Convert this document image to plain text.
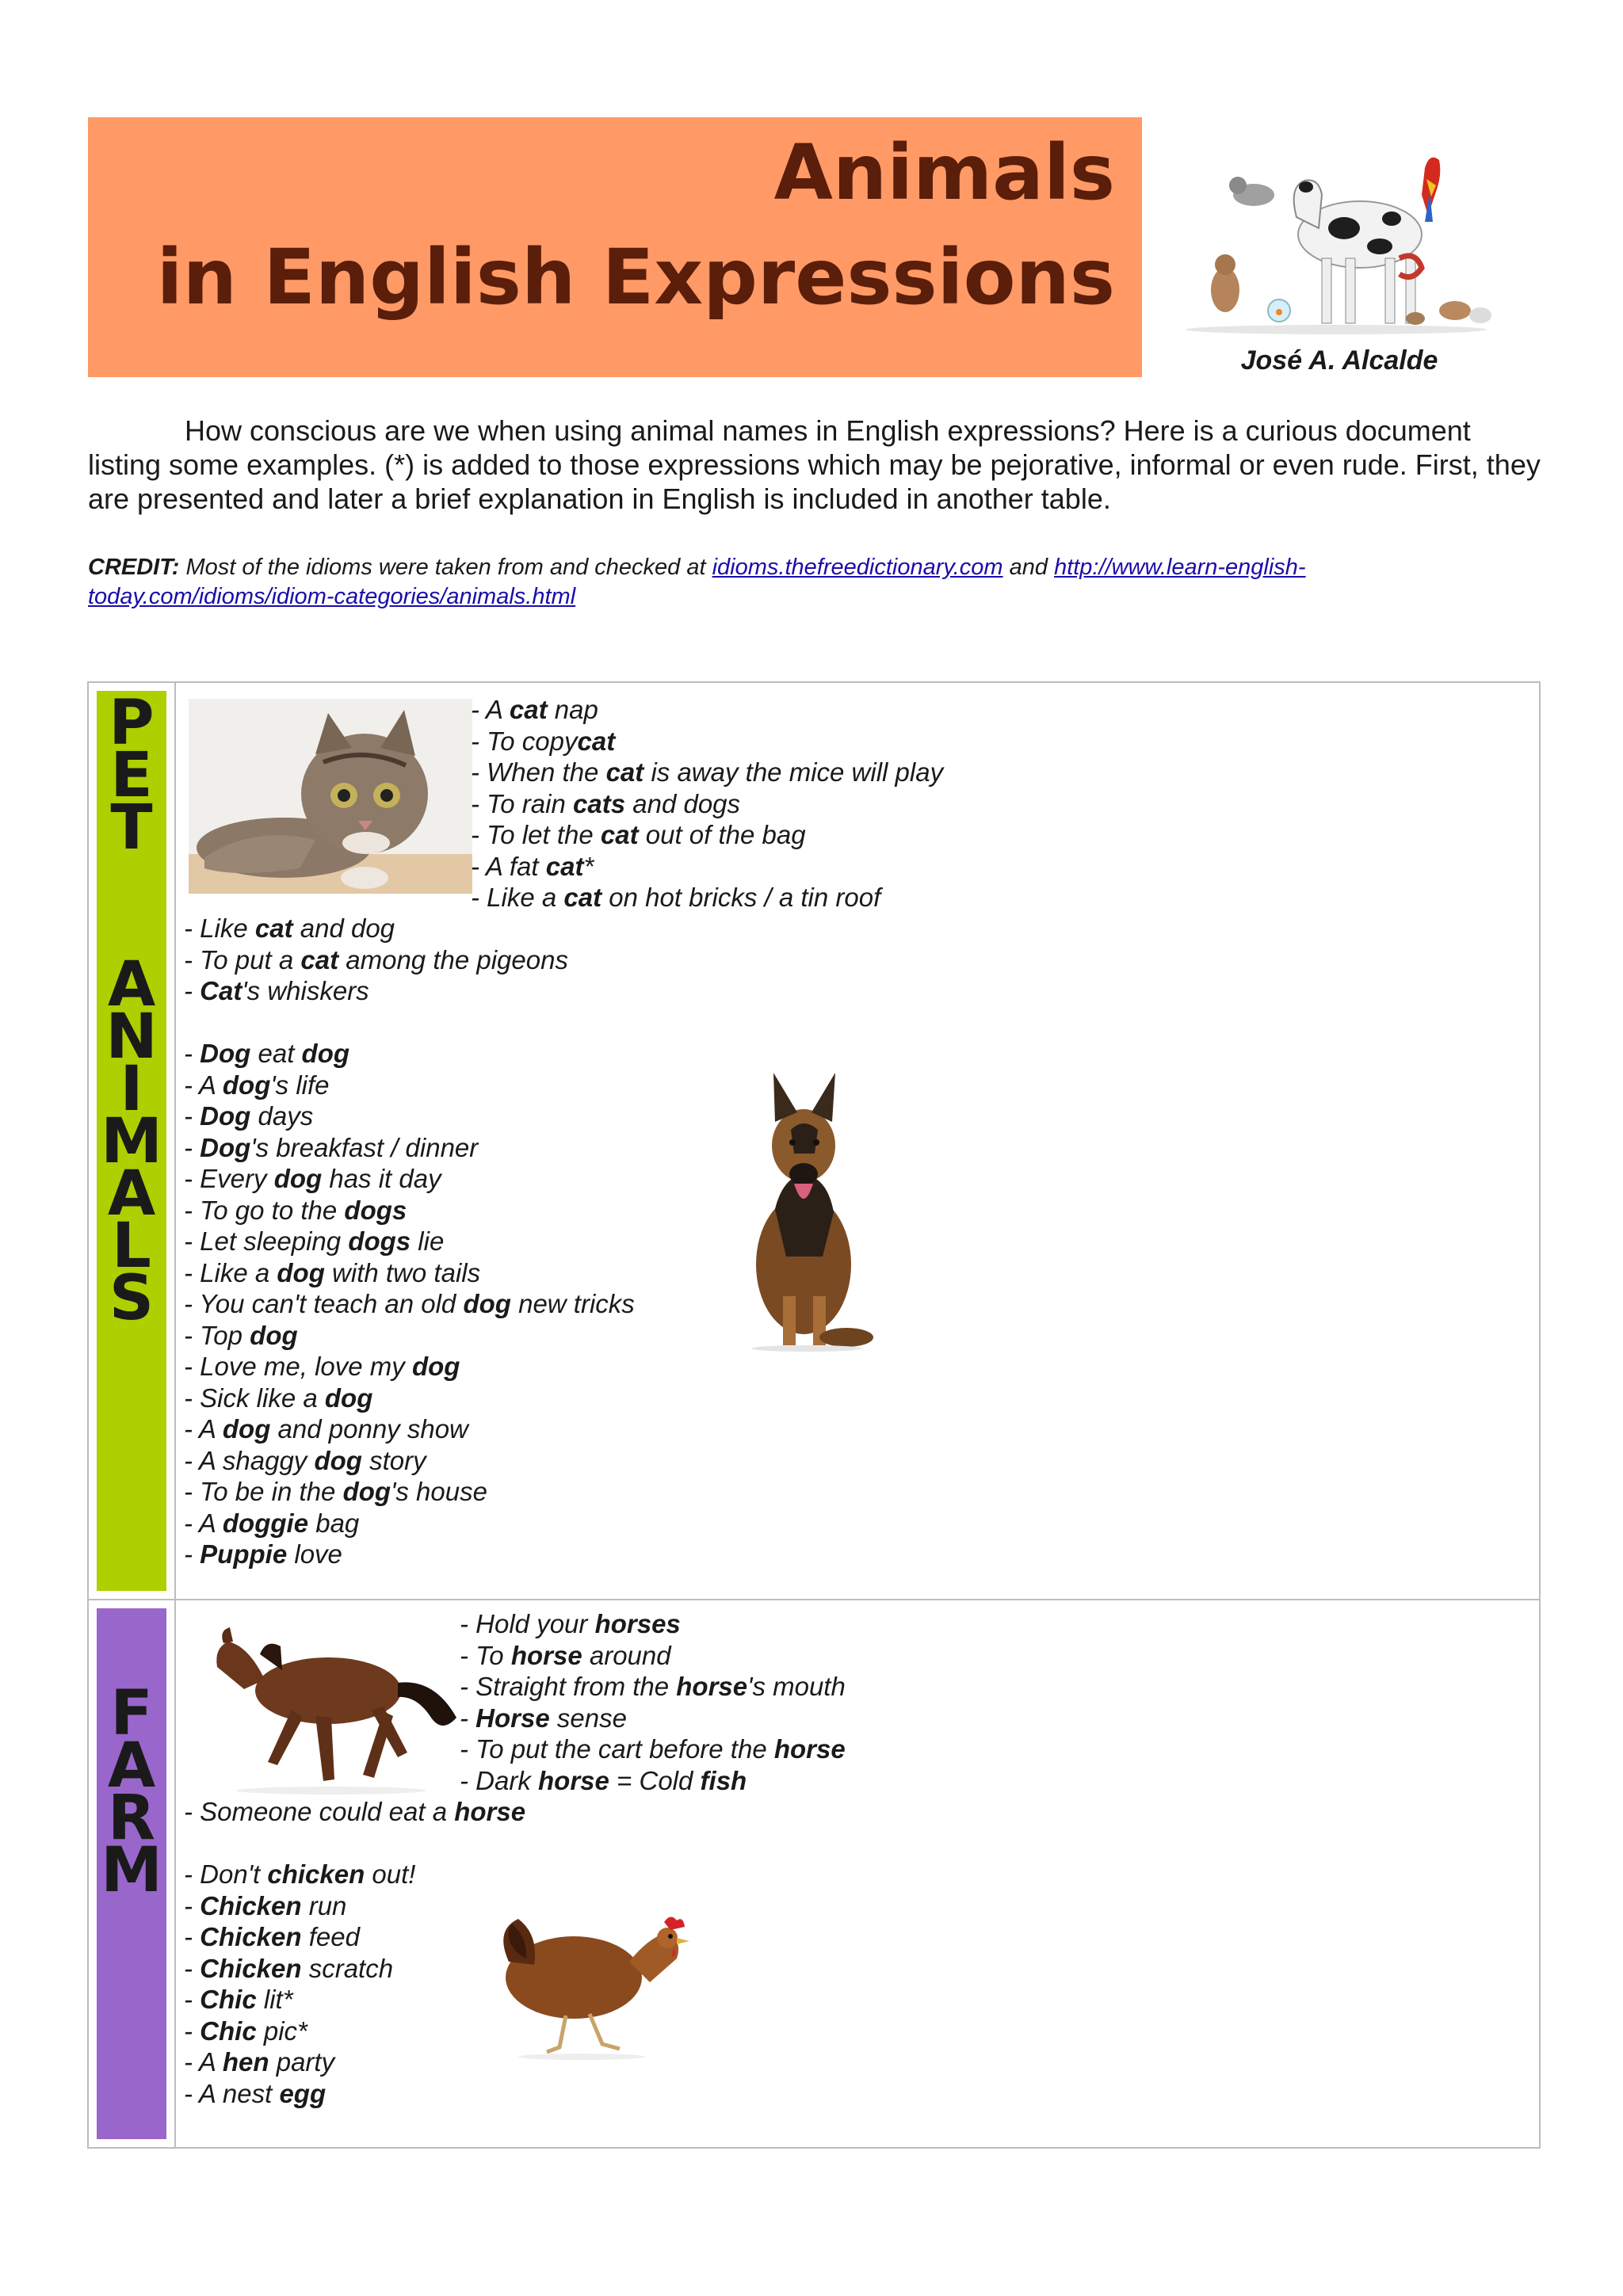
Animals
in English Expressions
José A. Alcalde

How conscious are we when using animal names in English expressions? Here is a curious document listing some examples. (*) is added to those expressions which may be pejorative, informal or even rude. First, they are presented and later a brief explanation in English is included in another table.

CREDIT: Most of the idioms were taken from and checked at idioms.thefreedictionary.com and http://www.learn-english-today.com/idioms/idiom-categories/animals.html

P
E
T
A
N
I
M
A
L
S
- A cat nap
- To copycat
- When the cat is away the mice will play
- To rain cats and dogs
- To let the cat out of the bag
- A fat cat*
- Like a cat on hot bricks / a tin roof
- Like cat and dog
- To put a cat among the pigeons
- Cat's whiskers
- Dog eat dog
- A dog's life
- Dog days
- Dog's breakfast / dinner
- Every dog has it day
- To go to the dogs
- Let sleeping dogs lie
- Like a dog with two tails
- You can't teach an old dog new tricks
- Top dog
- Love me, love my dog
- Sick like a dog
- A dog and ponny show
- A shaggy dog story
- To be in the dog's house
- A doggie bag
- Puppie love
F
A
R
M
- Hold your horses
- To horse around
- Straight from the horse's mouth
- Horse sense
- To put the cart before the horse
- Dark horse = Cold fish
- Someone could eat a horse
- Don't chicken out!
- Chicken run
- Chicken feed
- Chicken scratch
- Chic lit*
- Chic pic*
- A hen party
- A nest egg
